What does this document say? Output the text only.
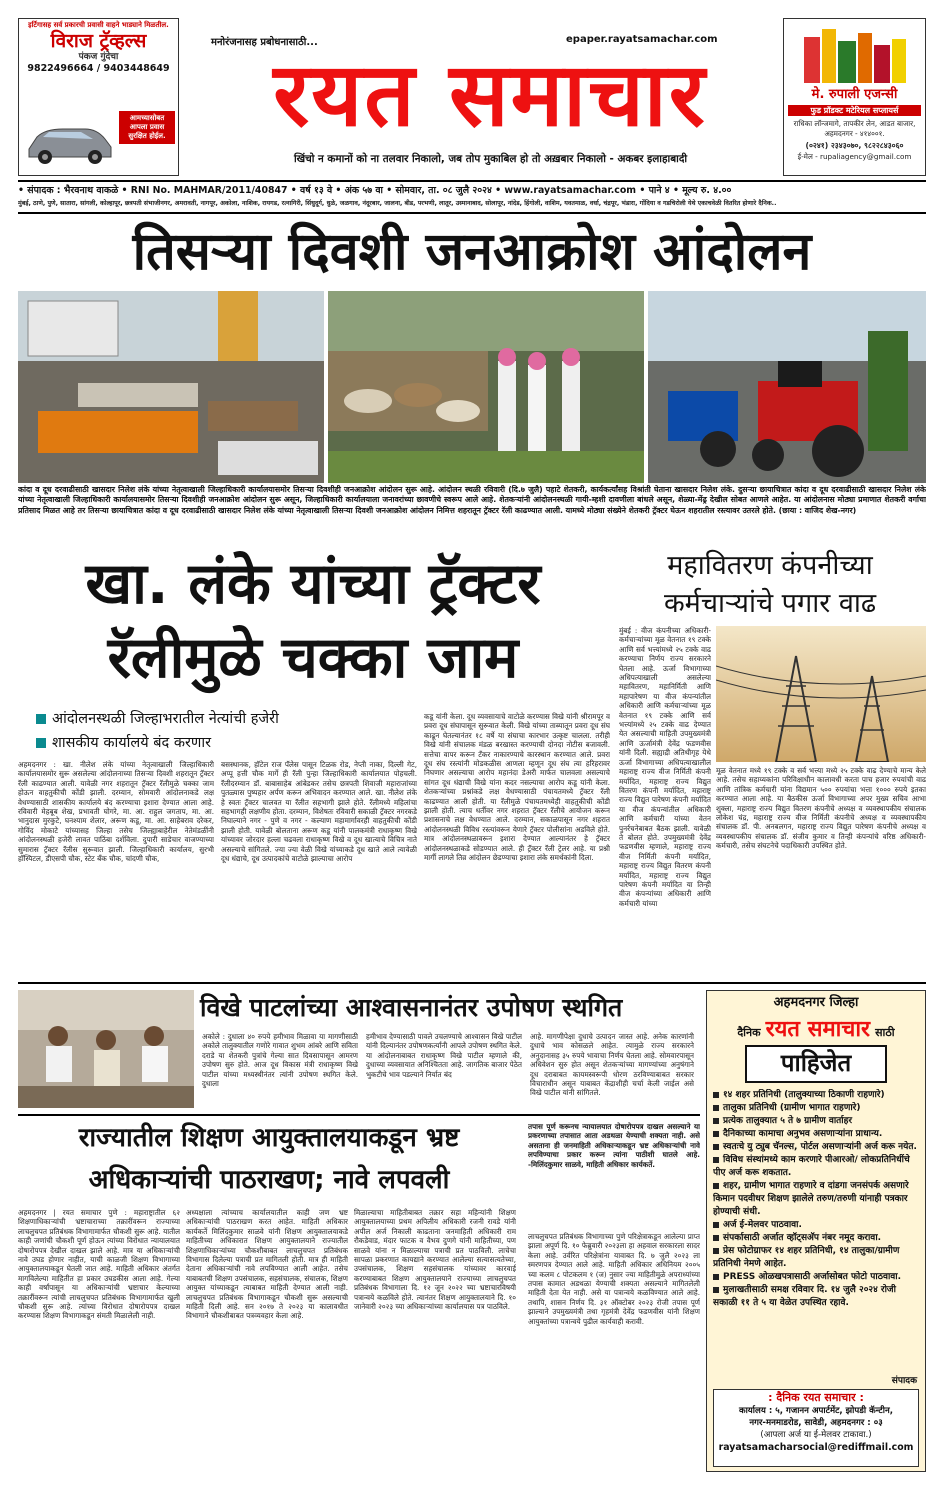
इर्टिगासह सर्व प्रकारची प्रवासी वाहने भाड्याने मिळतील.
विराज ट्रॅव्हल्स
पंकज गुंदेचा
9822496664 / 9403448649
आमच्यासोबत आपला प्रवास सुरक्षित होईल.
मनोरंजनासह प्रबोधनासाठी...	epaper.rayatsamachar.com
रयत समाचार
खिंचो न कमानों को ना तलवार निकालो, जब तोप मुकाबिल हो तो अख़बार निकालो - अकबर इलाहाबादी
मे. रुपाली एजन्सी
फुड प्रॉडक्ट मटेरियल सप्लायर्स
राधिका लॉन्जमागे, तापकीर लेन, आडत बाजार, अहमदनगर - ४१४००१.
(०२४१) २३४३०७०, ९८२२८४३०६०
ई-मेल - rupaliagency@gmail.com
• संपादक : भैरवनाथ वाकळे • RNI No. MAHMAR/2011/40847 • वर्ष १३ वे • अंक ५७ वा • सोमवार, ता. ०८ जुलै २०२४ • www.rayatsamachar.com • पाने ४ • मूल्य रु. ४.००
मुंबई, ठाणे, पुणे, सातारा, सांगली, कोल्हापूर, छत्रपती संभाजीनगर, अमरावती, नागपूर, अकोला, नाशिक, रायगड, रत्नागिरी, सिंधुदूर्ग, धुळे, जळगाव, नंदूरबार, जालना, बीड, परभणी, लातूर, उस्मानाबाद, सोलापूर, नांदेड, हिंगोली, वाशिम, यवतमाळ, वर्धा, चंद्रपूर, भंडारा, गोंदिया व गडचिरोली येथे एकाचवेळी वितरित होणारे दैनिक..
तिसऱ्या दिवशी जनआक्रोश आंदोलन
कांदा व दूध दरवाढीसाठी खासदार निलेश लंके यांच्या नेतृत्वाखाली जिल्हाधिकारी कार्यालयासमोर तिसऱ्या दिवशीही जनआक्रोश आंदोलन सुरू आहे. आंदोलन स्थळी रविवारी (दि.७ जुलै) पहाटे शेतकरी, कार्यकर्त्यांसह विश्रांती घेताना खासदार निलेश लंके. दुसऱ्या छायाचित्रात कांदा व दूध दरवाढीसाठी खासदार निलेश लंके यांच्या नेतृत्वाखाली जिल्हाधिकारी कार्यालयासमोर तिसऱ्या दिवशीही जनआक्रोश आंदोलन सुरू असून, जिल्हाधिकारी कार्यालयाला जनावरांच्या छावणीचे स्वरूप आले आहे. शेतकऱ्यांनी आंदोलनस्थळी गायी-म्हशी दावणीला बांधले असून, शेळ्या-मेंढ्र देखील सोबत आणले आहेत. या आंदोलनास मोठ्या प्रमाणात शेतकरी वर्गाचा प्रतिसाद मिळत आहे तर तिसऱ्या छायाचित्रात कांदा व दूध दरवाढीसाठी खासदार निलेश लंके यांच्या नेतृत्वाखाली तिसऱ्या दिवशी जनआक्रोश आंदोलन निमित्त शहरातून ट्रॅक्टर रॅली काढण्यात आली. यामध्ये मोठ्या संख्येने शेतकरी ट्रॅक्टर घेऊन शहरातील रस्त्यावर उतरले होते. (छाया : वाजिद शेख-नगर)
खा. लंके यांच्या ट्रॅक्टर
रॅलीमुळे चक्का जाम
आंदोलनस्थळी जिल्हाभरातील नेत्यांची हजेरी
शासकीय कार्यालये बंद करणार
अहमदनगर : खा. नीलेश लंके यांच्या नेतृत्वाखाली जिल्हाधिकारी कार्यालयासमोर सुरू असलेल्या आंदोलनाच्या तिसऱ्या दिवशी शहरातून ट्रॅक्टर रॅली काढण्यात आली. यावेळी नगर शहरातून ट्रॅक्टर रॅलीमुळे चक्का जाम होऊन वाहतुकीची कोंडी झाली. दरम्यान, सोमवारी आंदोलनाकडे लक्ष वेधण्यासाठी शासकीय कार्यालये बंद करण्याचा इशारा देण्यात आला आहे. रविवारी मेहबूब शेख, प्रभावती घोगरे, मा. आ. राहुल जगताप, मा. आ. भानुदास मुरकुटे, घनश्याम शेलार, अरूण कडू, मा. आ. साहेबराव दरेकर, गोविंद मोकाटे यांच्यासह जिल्हा तसेच जिल्ह्याबाहेरील नेतेमंडळींनी आंदोलनस्थळी हजेरी लावत पाठिंबा दर्शविला. दुपारी साडेचार वाजण्याच्या सुमारास ट्रॅक्टर रॅलीस सुरूवात झाली. जिल्हाधिकारी कार्यालय, सुरभी हॉस्पिटल, डीएसपी चौक, स्टेट बँक चौक, चांदणी चौक,
बसस्थानक, हॉटेल राज पॅलेस पासून टिळक रोड, नेप्ती नाका, दिल्ली गेट, अप्पू हत्ती चौक मार्गे ही रॅली पुन्हा जिल्हाधिकारी कार्यालयात पोहचली. रॅलीदरम्यान डॉ. बाबासाहेब आंबेडकर तसेच छत्रपती शिवाजी महाराजांच्या पुतळ्यास पुष्पहार अर्पण करून अभिवादन करण्यात आले. खा. नीलेश लंके हे स्वतः ट्रॅक्टर चालवत या रॅलीत सहभागी झाले होते. रॅलीमध्ये महिलांचा सहभागही लक्षणीय होता. दरम्यान, विशेषतः रविवारी सकाळी ट्रॅक्टर नगरकडे निघाल्याने नगर - पुणे व नगर - कल्याण महामार्गावरही वाहतुकीची कोंडी झाली होती. यावेळी बोलताना अरूण कडू यांनी पालकमंत्री राधाकृष्ण विखे यांच्यावर जोरदार हल्ला चढवला राधाकृष्ण विखे व दूध खात्याचे विचित्र नाते असल्याचे सांगितले. ज्या ज्या वेळी विखे यांच्याकडे दूध खाते आले त्यावेळी दूध धंद्याचे, दूध उत्पादकांचे वाटोळे झाल्याचा आरोप
कडू यांनी केला. दूध व्यवसायाचे वाटोळे करण्यास विखे यांनी श्रीरामपूर व प्रवरा दूध संघापासून सुरूवात केली. विखे यांच्या ताब्यातून प्रवरा दूध संघ काढून घेतल्यानंतर १८ वर्षे या संघाचा कारभार उत्कृष्ट चालला. तरीही विखे यांनी संचालक मंडळ बरखास्त करण्याची दोनदा नोटीस बजावली. सत्तेचा वापर करून टँकर नाकारण्याचे कारस्थान करण्यात आले. प्रवरा दूध संघ रस्त्यांनी मोडकळीस आणला म्हणून दूध संघ त्या हरिहरावर निघणार असल्याचा आरोप महानंदा डेअरी मार्फत चालवला असल्याचे सांगत दूध धंद्याची विखे यांना कदर नसल्याचा आरोप कडू यांनी केला. शेतकऱ्यांच्या प्रश्नांकडे लक्ष वेधण्यासाठी पंचायतमध्ये ट्रॅक्टर रॅली काढण्यात आली होती. या रॅलीमुळे पंचायतमध्येही वाहतुकीची कोंडी झाली होती. त्याच धर्तीवर नगर शहरात ट्रॅक्टर रॅलीचे आयोजन करून प्रशासनाचे लक्ष वेधण्यात आले. दरम्यान, सकाळपासून नगर शहरात आंदोलनस्थळी विविध रस्त्यांवरून येणारे ट्रॅक्टर पोलीसांना अडविले होते. मात्र आंदोलनस्थळावरून इशारा देण्यात आल्यानंतर हे ट्रॅक्टर आंदोलनस्थळाकडे सोडण्यात आले. ही ट्रॅक्टर रॅली ट्रेलर आहे. या प्रश्नी मार्गी लागले तिव्र आंदोलन छेडण्याचा इशारा लंके समर्थकांनी दिला.
महावितरण कंपनीच्या
कर्मचाऱ्यांचे पगार वाढ
मुंबई : वीज कंपनीच्या अधिकारी-कर्मचाऱ्यांच्या मूळ वेतनात १९ टक्के आणि सर्व भत्त्यांमध्ये २५ टक्के वाढ करण्याचा निर्णय राज्य सरकारने घेतला आहे. ऊर्जा विभागाच्या अधिपत्याखाली असलेल्या महावितरण, महानिर्मिती आणि महापारेषण या वीज कंपन्यांतील अधिकारी आणि कर्मचाऱ्यांच्या मूळ वेतनात १९ टक्के आणि सर्व भत्त्यांमध्ये २५ टक्के वाढ देण्यात येत असल्याची माहिती उपमुख्यमंत्री आणि ऊर्जामंत्री देवेंद्र फडणवीस यांनी दिली. सह्याद्री अतिथीगृह येथे ऊर्जा विभागाच्या अधिपत्याखालील महाराष्ट्र राज्य वीज निर्मिती कंपनी मर्यादित, महाराष्ट्र राज्य विद्युत वितरण कंपनी मर्यादित, महाराष्ट्र राज्य विद्युत पारेषण कंपनी मर्यादित या वीज कंपन्यांतील अधिकारी आणि कर्मचारी यांच्या वेतन पुनर्रचनेबाबत बैठक झाली. यावेळी ते बोलत होते. उपमुख्यमंत्री देवेंद्र फडणवीस म्हणाले, महाराष्ट्र राज्य वीज निर्मिती कंपनी मर्यादित, महाराष्ट्र राज्य विद्युत वितरण कंपनी मर्यादित, महाराष्ट्र राज्य विद्युत पारेषण कंपनी मर्यादित या तिन्ही वीज कंपन्यांच्या अधिकारी आणि कर्मचारी यांच्या
मूळ वेतनात मध्ये १९ टक्के व सर्व भत्त्या मध्ये २५ टक्के वाढ देण्याचे मान्य केले आहे. तसेच सहाय्यकांना परिविक्षाधीन कालावधी करता पाच हजार रुपयांची वाढ आणि तांत्रिक कर्मचारी यांना विद्यमान ५०० रुपयांचा भत्ता १००० रुपये इतका करण्यात आला आहे. या बैठकीस ऊर्जा विभागाच्या अपर मुख्य सचिव आभा शुक्ला, महाराष्ट्र राज्य विद्युत वितरण कंपनीचे अध्यक्ष व व्यवस्थापकीय संचालक लोकेश चंद्र, महाराष्ट्र राज्य वीज निर्मिती कंपनीचे अध्यक्ष व व्यवस्थापकीय संचालक डॉ. पी. अनबलगन, महाराष्ट्र राज्य विद्युत पारेषण कंपनीचे अध्यक्ष व व्यवस्थापकीय संचालक डॉ. संजीव कुमार व तिन्ही कंपन्यांचे वरिष्ठ अधिकारी-कर्मचारी, तसेच संघटनेचे पदाधिकारी उपस्थित होते.
विखे पाटलांच्या आश्वासनानंतर उपोषण स्थगित
अकोले : दुधाला ४० रुपये हमीभाव मिळावा या मागणीसाठी अकोले तालुक्यातील गणोरे गावात शुभम आंबरे आणि सविता दराडे या शेतकरी पुत्रांचे गेल्या सात दिवसापासून आमरण उपोषण सुरु होते. आज दूध विकास मंत्री राधाकृष्ण विखे पाटील यांच्या मध्यस्थीनंतर त्यांनी उपोषण स्थगित केले. दुधाला
हमीभाव देण्यासाठी पावले उचलण्याचे आश्वासन विखे पाटील यांनी दिल्यानंतर उपोषणकर्त्यांनी आपले उपोषण स्थगित केले. या आंदोलनाबाबत राधाकृष्ण विखे पाटील म्हणाले की, दुधाच्या व्यवसायात अनिश्चितता आहे. जागतिक बाजार पेठेत भुकटीचे भाव पडल्याने निर्यात बंद
आहे. मागणीपेक्षा दुधाचे उत्पादन जास्त आहे. अनेक कारणांनी दुधाचे भाव कोसळले आहेत. त्यामुळे राज्य सरकारने अनुदानासह ३५ रुपये भावाचा निर्णय घेतला आहे. सोमवारपासून अधिवेशन सुरु होत असून शेतकऱ्यांच्या मागण्यांच्या अनुषंगाने दूध दराबाबत कायमस्वरूपी धोरण ठरविण्याबाबत सरकार विचाराधीन असून याबाबत केंद्राशीही चर्चा केली जाईल असे विखे पाटील यांनी सांगितले.
राज्यातील शिक्षण आयुक्तालयाकडून भ्रष्ट
अधिकाऱ्यांची पाठराखण; नावे लपवली
अहमदनगर | रयत समाचार पुणे : महाराष्ट्रातील ६२ शिक्षणाधिकाऱ्यांची भ्रष्टाचाराच्या तक्रारींवरून राज्याच्या लाचलुचपत प्रतिबंधक विभागामार्फत चौकशी सुरू आहे. यातील काही जणांची चौकशी पूर्ण होऊन त्यांच्या विरोधात न्यायालयात दोषारोपपत्र देखील दाखल झाले आहे. मात्र या अधिकाऱ्यांची नावे उघड होणार नाहीत, याची काळजी शिक्षण विभागाच्या आयुक्तालयाकडून घेतली जात आहे. माहिती अधिकार अंतर्गत मागविलेल्या माहितीत हा प्रकार उघडकीस आला आहे. गेल्या काही वर्षांपासून या अधिकाऱ्यांची भ्रष्टाचार केल्याच्या तक्रारींवरून त्यांची लाचलुचपत प्रतिबंधक विभागामार्फत खुली चौकशी सुरू आहे. त्यांच्या विरोधात दोषारोपपत्र दाखल करण्यास शिक्षण विभागाकडून संमती मिळालेली नाही.
अध्यक्षाला त्यांच्याच कार्यालयातील काही जण भ्रष्ट अधिकाऱ्यांची पाठराखण करत आहेत. माहिती अधिकार कार्यकर्ते मिलिंदकुमार साळवे यांनी शिक्षण आयुक्तालयाकडे माहितीच्या अधिकारात शिक्षण आयुक्तालयाने राज्यातील शिक्षणाधिकाऱ्यांच्या चौकशीबाबत लाचलुचपत प्रतिबंधक विभागास दिलेल्या पत्राची प्रत मागितली होती. मात्र ही माहिती देताना अधिकाऱ्यांची नावे लपविण्यात आली आहेत. तसेच याबाबतची शिक्षण उपसंचालक, सहसंचालक, संचालक, शिक्षण आयुक्त यांच्याकडून त्याबाबत माहिती देण्यात आली नाही. लाचलुचपत प्रतिबंधक विभागाकडून चौकशी सुरू असल्याची माहिती दिली आहे. सन २०१७ ते २०२३ या कालावधीत विभागाने चौकशीबाबत पत्रव्यवहार केला आहे.
मिळाल्याचा माहितीबाबत तक्रार सहा महिन्यांनी शिक्षण आयुक्तालयाच्या प्रथम अपिलीय अधिकारी रजनी रावडे यांनी अपील अर्ज निकाली काढताना जनमाहिती अधिकारी राम रौकडेवाड, मंदार फाटक व वैभव दुणगे यांनी माहितीच्या, पण साळवे यांना न मिळाल्याचा पत्राची प्रत पाठविली. लाचेचा सापळा प्रकरणात कायद्याने करण्यात आलेल्या सत्यासत्यतेच्या, उपसंचालक, शिक्षण सहसंचालक यांच्यावर कारवाई करण्याबाबत शिक्षण आयुक्तालयाने राज्याच्या लाचलुचपत प्रतिबंधक विभागाला दि. १२ जून २०२२ च्या भ्रष्टाचारविषयी पत्रान्वये कळविले होते. त्यानंतर शिक्षण आयुक्तालयाने दि. १० जानेवारी २०२३ च्या अधिकाऱ्यांच्या कार्यालयास पत्र पाठविले.
तपास पूर्ण करूनच न्यायालयात दोषारोपपत्र दाखल असल्याने या प्रकरणाच्या तपासात आता अडथळा येण्याची शक्यता नाही. असे असताना ही जनमाहिती अधिकाऱ्याकडून भ्रष्ट अधिकाऱ्यांची नावे लपविण्याचा प्रकार करून त्यांना पाठीशी घातले आहे. -मिलिंदकुमार साळवे, माहिती अधिकार कार्यकर्ते.
लाचलुचपत प्रतिबंधक विभागाच्या पुणे परिक्षेत्राकडून आलेल्या प्राप्त झाला अपूर्ण दि. १० फेब्रुवारी २०२३ला हा अहवाल सरकारला सादर केला आहे. उर्वरित परिक्षेत्रांना यावाबत दि. ७ जुलै २०२३ ला स्मरणपत्र देण्यात आले आहे. माहिती अधिकार अधिनियम २००५ च्या कलम ८ पोटकलम १ (ज) नुसार ज्या माहितीमुळे अपराध्यांच्या तपास कामात अडथळा येण्याची शक्यता असल्याने मागितलेली माहिती देता येत नाही. असे या पत्रान्वये कळविण्यात आले आहे. तथापि, शासन निर्णय दि. ३१ ऑक्टोबर २०२३ रोजी तपास पूर्ण झाल्याने उपमुख्यमंत्री तथा गृहमंत्री देवेंद्र फडणवीस यांनी शिक्षण आयुक्तांच्या पत्रान्वये पुढील कार्यवाही करावी.
अहमदनगर जिल्हा
दैनिक रयत समाचार साठी
पाहिजेत
१४ शहर प्रतिनिधी (तालुक्याच्या ठिकाणी राहणारे)
तालुका प्रतिनिधी (ग्रामीण भागात राहणारे)
प्रत्येक तालुक्यात ५ ते ७ ग्रामीण वार्ताहर
दैनिकाच्या कामाचा अनुभव असणाऱ्यांना प्राधान्य.
स्वतःचे यु ट्युब चॅनल्स, पोर्टल असणाऱ्यांनी अर्ज करू नयेत.
विविध संस्थांमध्ये काम करणारे पीआरओ/ लोकप्रतिनिधींचे पीए अर्ज करू शकतात.
शहर, ग्रामीण भागात राहणारे व दांडगा जनसंपर्क असणारे किमान पदवीधर शिक्षण झालेले तरुण/तरुणी यांनाही पत्रकार होण्याची संधी.
अर्ज ई-मेलवर पाठवावा.
संपर्कासाठी अर्जात व्हॉट्सअ‍ॅप नंबर नमूद करावा.
प्रेस फोटोग्राफर १४ शहर प्रतिनिधी, १४ तालुका/ग्रामीण प्रतिनिधी नेमणे आहेत.
PRESS ओळखपत्रासाठी अर्जासोबत फोटो पाठवावा.
मुलाखतीसाठी समक्ष रविवार दि. १४ जुलै २०२४ रोजी सकाळी ११ ते ५ या वेळेत उपस्थित रहावे.
संपादक
: दैनिक रयत समाचार :
कार्यालय : ५, गजानन अपार्टमेंट, झोपडी कॅन्टीन,
नगर-मनमाडरोड, सावेडी, अहमदनगर : ०३
(आपला अर्ज या ई-मेलवर टाकावा.)
rayatsamacharsocial@rediffmail.com
